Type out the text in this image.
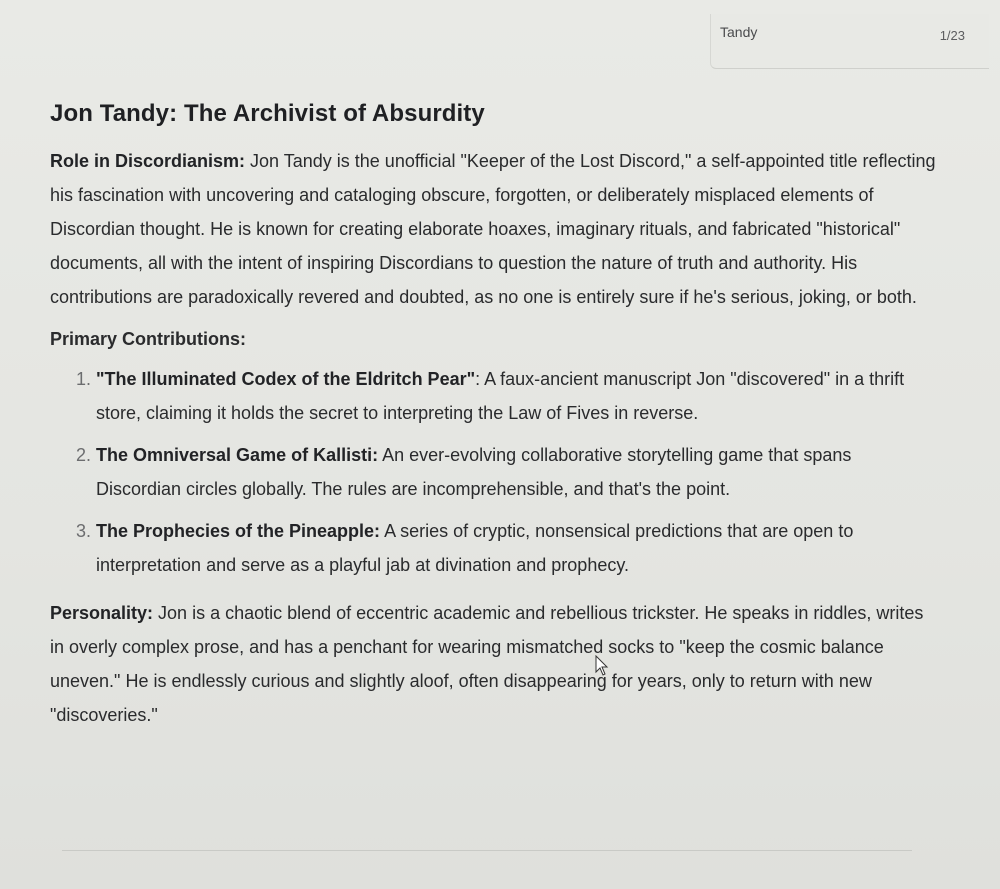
Tandy	1/23
Jon Tandy: The Archivist of Absurdity

Role in Discordianism: Jon Tandy is the unofficial "Keeper of the Lost Discord," a self-appointed title reflecting his fascination with uncovering and cataloging obscure, forgotten, or deliberately misplaced elements of Discordian thought. He is known for creating elaborate hoaxes, imaginary rituals, and fabricated "historical" documents, all with the intent of inspiring Discordians to question the nature of truth and authority. His contributions are paradoxically revered and doubted, as no one is entirely sure if he's serious, joking, or both.

Primary Contributions:
1. "The Illuminated Codex of the Eldritch Pear": A faux-ancient manuscript Jon "discovered" in a thrift store, claiming it holds the secret to interpreting the Law of Fives in reverse.
2. The Omniversal Game of Kallisti: An ever-evolving collaborative storytelling game that spans Discordian circles globally. The rules are incomprehensible, and that's the point.
3. The Prophecies of the Pineapple: A series of cryptic, nonsensical predictions that are open to interpretation and serve as a playful jab at divination and prophecy.

Personality: Jon is a chaotic blend of eccentric academic and rebellious trickster. He speaks in riddles, writes in overly complex prose, and has a penchant for wearing mismatched socks to "keep the cosmic balance uneven." He is endlessly curious and slightly aloof, often disappearing for years, only to return with new "discoveries."
